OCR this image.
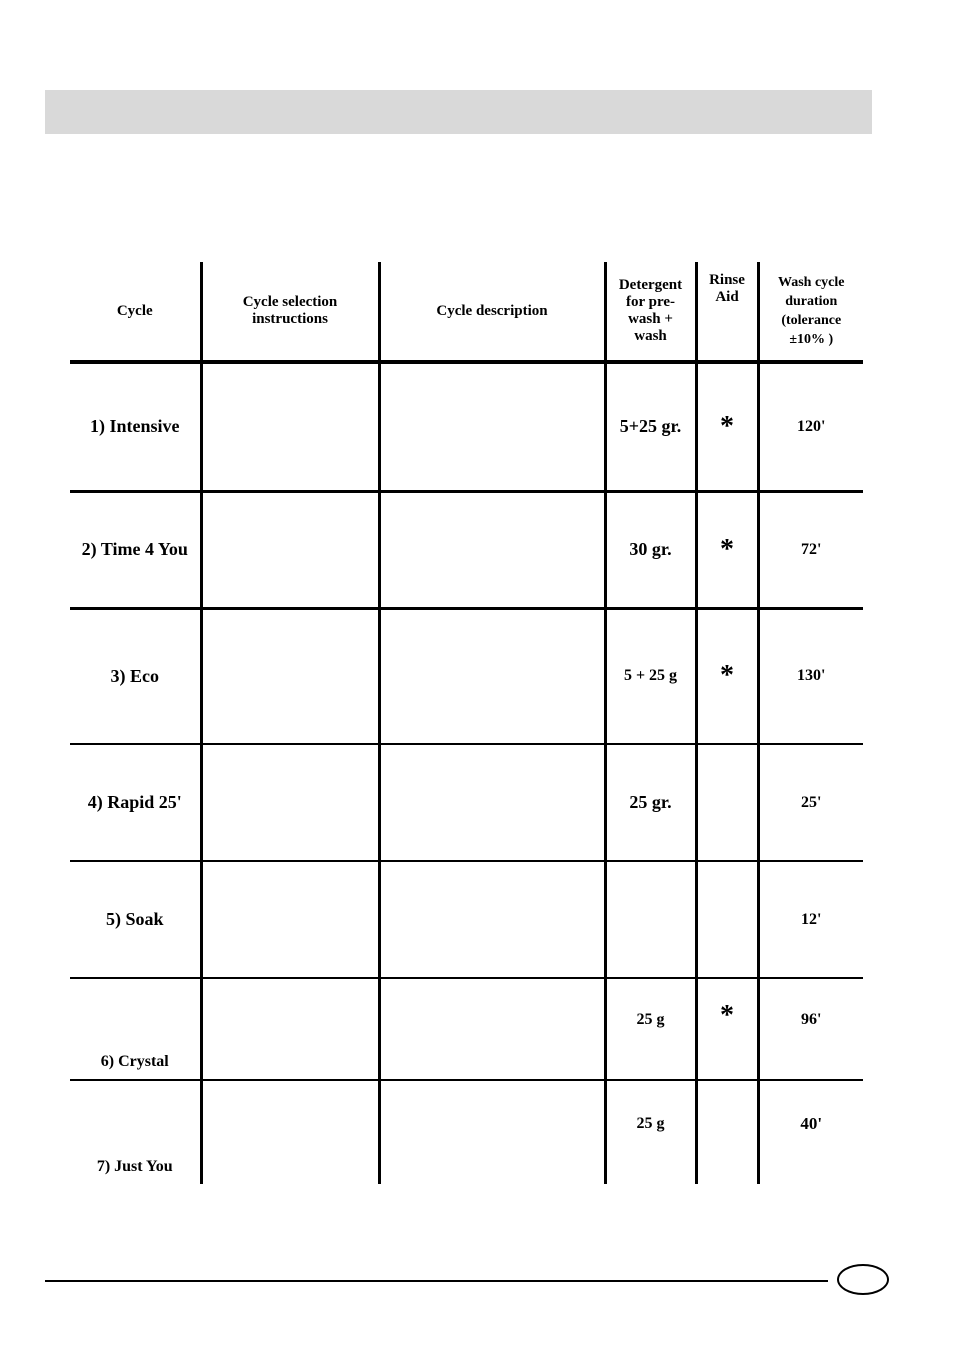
Cycle	Cycle selection instructions	Cycle description	Detergent for pre-wash + wash	Rinse Aid	Wash cycle duration (tolerance ±10% )
1) Intensive			5+25 gr.	*	120'
2) Time 4 You			30 gr.	*	72'
3) Eco			5 + 25 g	*	130'
4) Rapid 25'			25 gr.		25'
5) Soak					12'
6) Crystal			25 g	*	96'
7) Just You			25 g		40'
